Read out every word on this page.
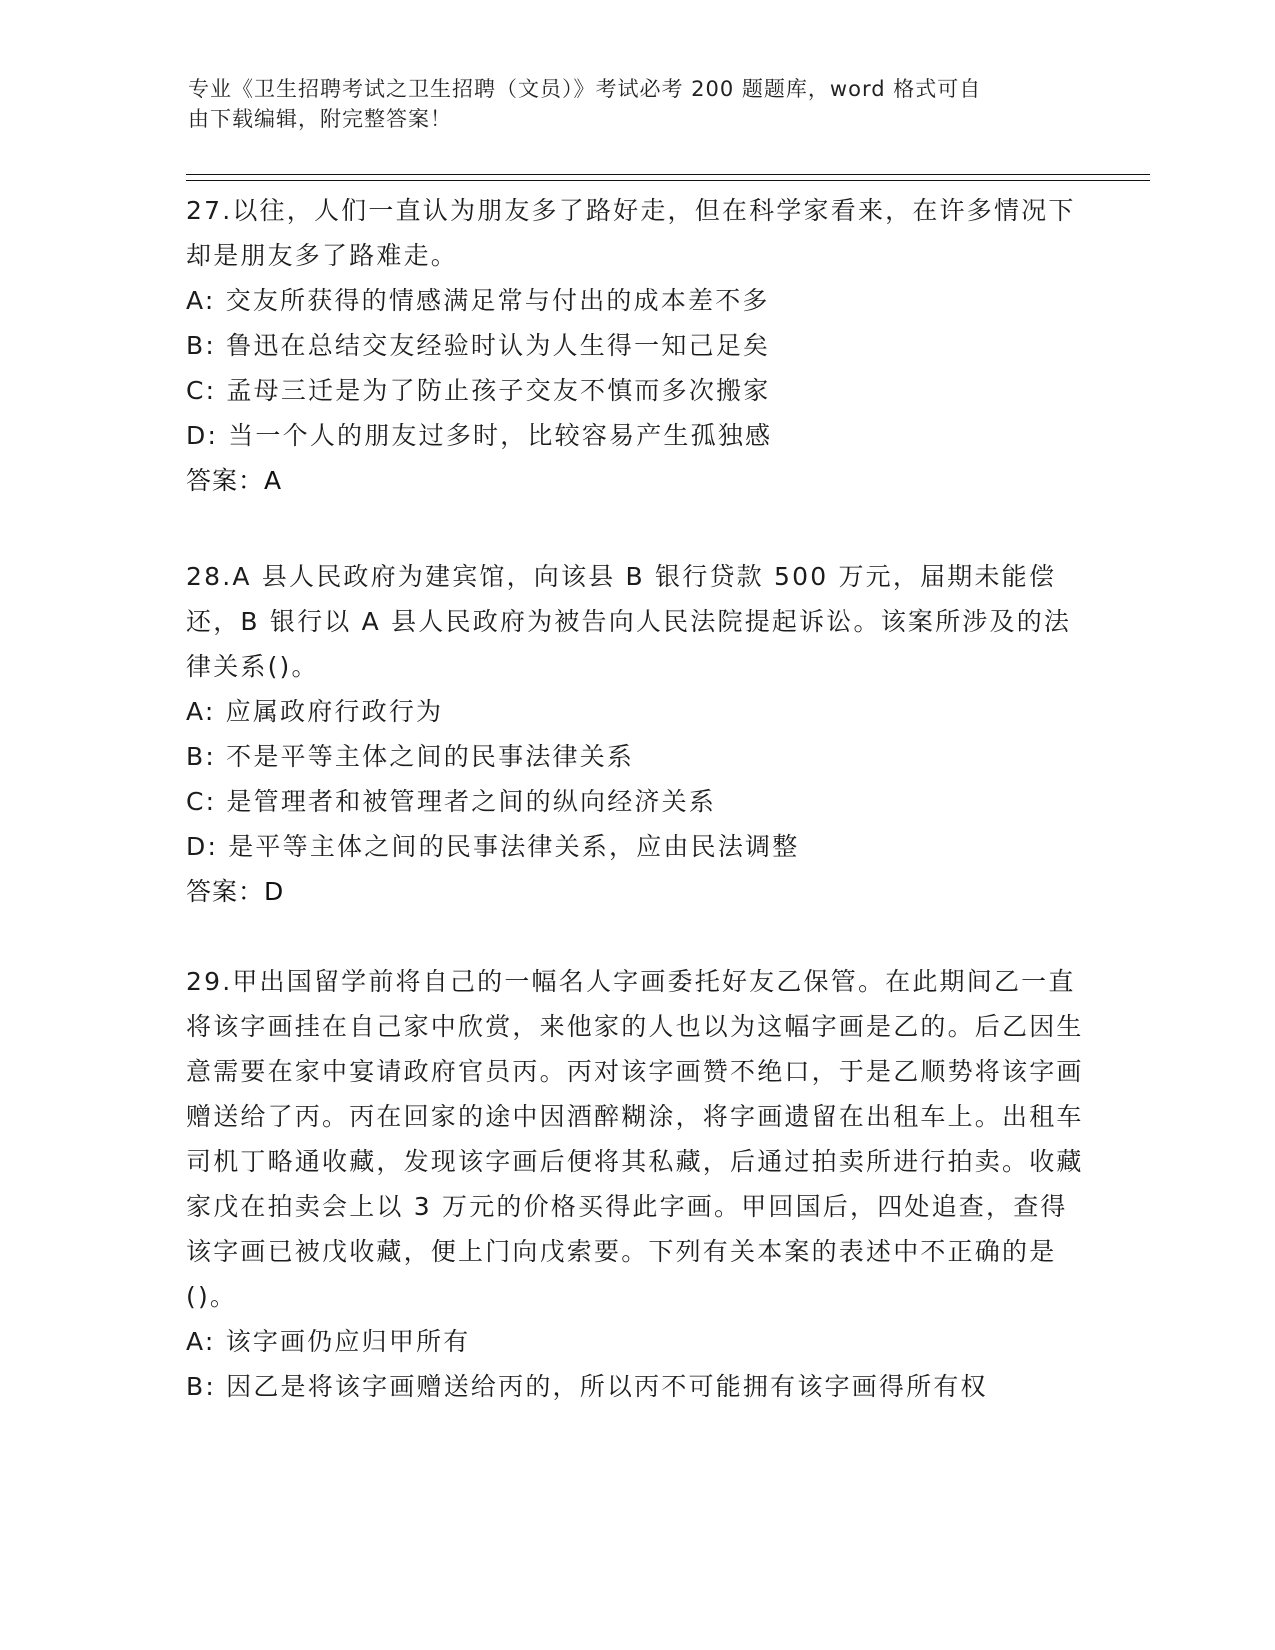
专业《卫生招聘考试之卫生招聘（文员）》考试必考 200 题题库，word 格式可自
由下载编辑，附完整答案！

27.以往，人们一直认为朋友多了路好走，但在科学家看来，在许多情况下却是朋友多了路难走。

A: 交友所获得的情感满足常与付出的成本差不多

B: 鲁迅在总结交友经验时认为人生得一知己足矣

C: 孟母三迁是为了防止孩子交友不慎而多次搬家

D: 当一个人的朋友过多时，比较容易产生孤独感

答案：A

28.A 县人民政府为建宾馆，向该县 B 银行贷款 500 万元，届期未能偿还，B 银行以 A 县人民政府为被告向人民法院提起诉讼。该案所涉及的法律关系()。

A: 应属政府行政行为

B: 不是平等主体之间的民事法律关系

C: 是管理者和被管理者之间的纵向经济关系

D: 是平等主体之间的民事法律关系，应由民法调整

答案：D

29.甲出国留学前将自己的一幅名人字画委托好友乙保管。在此期间乙一直将该字画挂在自己家中欣赏，来他家的人也以为这幅字画是乙的。后乙因生意需要在家中宴请政府官员丙。丙对该字画赞不绝口，于是乙顺势将该字画赠送给了丙。丙在回家的途中因酒醉糊涂，将字画遗留在出租车上。出租车司机丁略通收藏，发现该字画后便将其私藏，后通过拍卖所进行拍卖。收藏家戊在拍卖会上以 3 万元的价格买得此字画。甲回国后，四处追查，查得该字画已被戊收藏，便上门向戊索要。下列有关本案的表述中不正确的是()。

A: 该字画仍应归甲所有

B: 因乙是将该字画赠送给丙的，所以丙不可能拥有该字画得所有权
